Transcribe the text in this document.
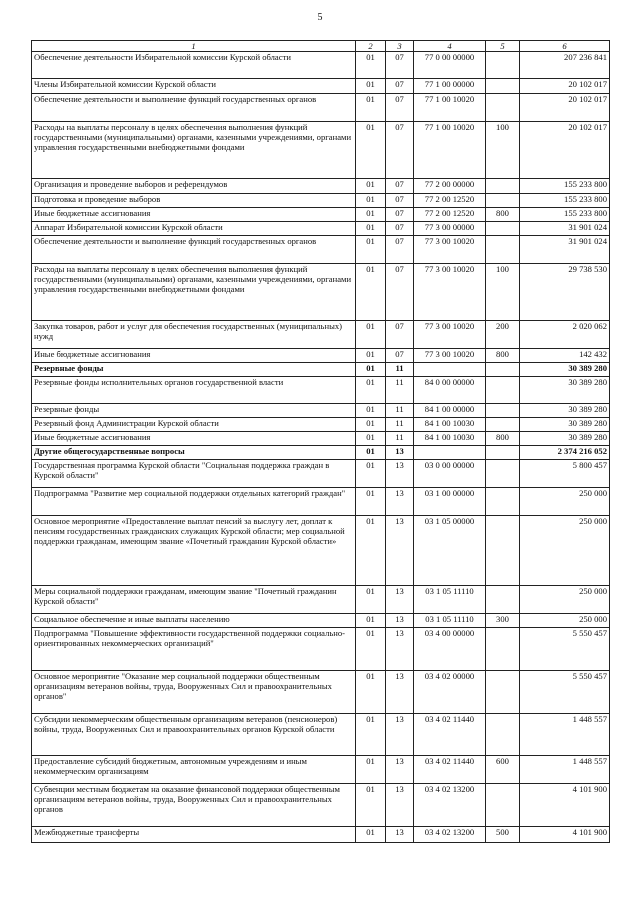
5
1	2	3	4	5	6
Обеспечение деятельности Избирательной комиссии Курской области	01	07	77 0 00 00000		207 236 841
Члены Избирательной комиссии Курской области	01	07	77 1 00 00000		20 102 017
Обеспечение деятельности и выполнение функций государственных органов	01	07	77 1 00 10020		20 102 017
Расходы на выплаты персоналу в целях обеспечения выполнения функций государственными (муниципальными) органами, казенными учреждениями, органами управления государственными внебюджетными фондами	01	07	77 1 00 10020	100	20 102 017
Организация и проведение выборов и референдумов	01	07	77 2 00 00000		155 233 800
Подготовка и проведение выборов	01	07	77 2 00 12520		155 233 800
Иные бюджетные ассигнования	01	07	77 2 00 12520	800	155 233 800
Аппарат Избирательной комиссии Курской области	01	07	77 3 00 00000		31 901 024
Обеспечение деятельности и выполнение функций государственных органов	01	07	77 3 00 10020		31 901 024
Расходы на выплаты персоналу в целях обеспечения выполнения функций государственными (муниципальными) органами, казенными учреждениями, органами управления государственными внебюджетными фондами	01	07	77 3 00 10020	100	29 738 530
Закупка товаров, работ и услуг для обеспечения государственных (муниципальных) нужд	01	07	77 3 00 10020	200	2 020 062
Иные бюджетные ассигнования	01	07	77 3 00 10020	800	142 432
Резервные фонды	01	11			30 389 280
Резервные фонды исполнительных органов государственной власти	01	11	84 0 00 00000		30 389 280
Резервные фонды	01	11	84 1 00 00000		30 389 280
Резервный фонд Администрации Курской области	01	11	84 1 00 10030		30 389 280
Иные бюджетные ассигнования	01	11	84 1 00 10030	800	30 389 280
Другие общегосударственные вопросы	01	13			2 374 216 052
Государственная программа Курской области "Социальная поддержка граждан в Курской области"	01	13	03 0 00 00000		5 800 457
Подпрограмма "Развитие мер социальной поддержки отдельных категорий граждан"	01	13	03 1 00 00000		250 000
Основное мероприятие «Предоставление выплат пенсий за выслугу лет, доплат к пенсиям государственных гражданских служащих Курской области; мер социальной поддержки гражданам, имеющим звание «Почетный гражданин Курской области»	01	13	03 1 05 00000		250 000
Меры социальной поддержки гражданам, имеющим звание "Почетный гражданин Курской области"	01	13	03 1 05 11110		250 000
Социальное обеспечение и иные выплаты населению	01	13	03 1 05 11110	300	250 000
Подпрограмма "Повышение эффективности государственной поддержки социально-ориентированных некоммерческих организаций"	01	13	03 4 00 00000		5 550 457
Основное мероприятие "Оказание мер социальной поддержки общественным организациям ветеранов войны, труда, Вооруженных Сил и правоохранительных органов"	01	13	03 4 02 00000		5 550 457
Субсидии некоммерческим общественным организациям ветеранов (пенсионеров) войны, труда, Вооруженных Сил и правоохранительных органов Курской области	01	13	03 4 02 11440		1 448 557
Предоставление субсидий бюджетным, автономным учреждениям и иным некоммерческим организациям	01	13	03 4 02 11440	600	1 448 557
Субвенции местным бюджетам на оказание финансовой поддержки общественным организациям ветеранов войны, труда, Вооруженных Сил и правоохранительных органов	01	13	03 4 02 13200		4 101 900
Межбюджетные трансферты	01	13	03 4 02 13200	500	4 101 900
